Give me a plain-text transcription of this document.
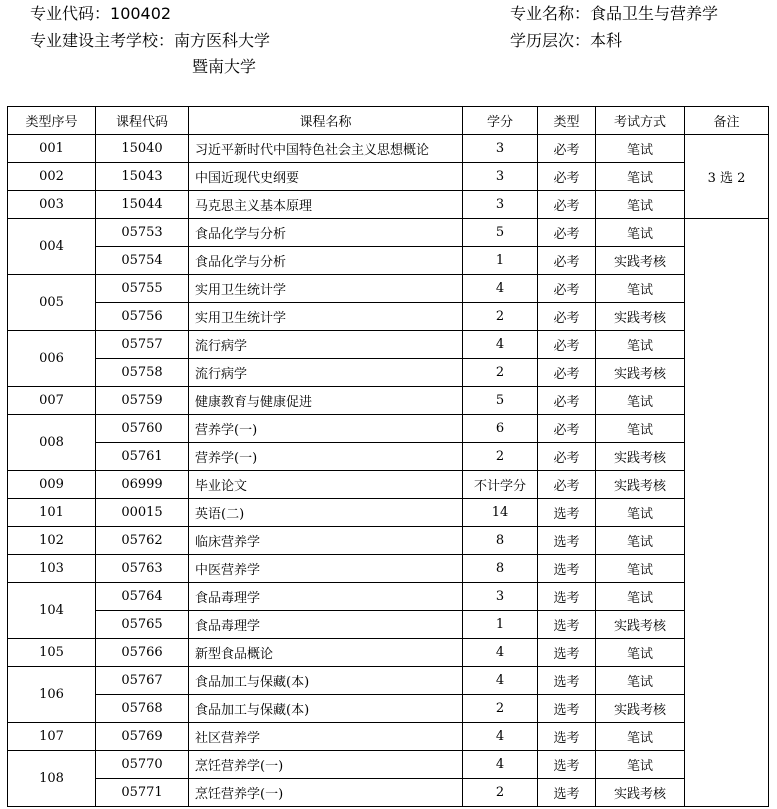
专业代码：100402
专业建设主考学校：南方医科大学
暨南大学
专业名称：食品卫生与营养学
学历层次：本科
类型序号	课程代码	课程名称	学分	类型	考试方式	备注
001	15040	习近平新时代中国特色社会主义思想概论	3	必考	笔试	3 选 2
002	15043	中国近现代史纲要	3	必考	笔试	
003	15044	马克思主义基本原理	3	必考	笔试	
004	05753	食品化学与分析	5	必考	笔试	
	05754	食品化学与分析	1	必考	实践考核	
005	05755	实用卫生统计学	4	必考	笔试	
	05756	实用卫生统计学	2	必考	实践考核	
006	05757	流行病学	4	必考	笔试	
	05758	流行病学	2	必考	实践考核	
007	05759	健康教育与健康促进	5	必考	笔试	
008	05760	营养学(一)	6	必考	笔试	
	05761	营养学(一)	2	必考	实践考核	
009	06999	毕业论文	不计学分	必考	实践考核	
101	00015	英语(二)	14	选考	笔试	
102	05762	临床营养学	8	选考	笔试	
103	05763	中医营养学	8	选考	笔试	
104	05764	食品毒理学	3	选考	笔试	
	05765	食品毒理学	1	选考	实践考核	
105	05766	新型食品概论	4	选考	笔试	
106	05767	食品加工与保藏(本)	4	选考	笔试	
	05768	食品加工与保藏(本)	2	选考	实践考核	
107	05769	社区营养学	4	选考	笔试	
108	05770	烹饪营养学(一)	4	选考	笔试	
	05771	烹饪营养学(一)	2	选考	实践考核	
